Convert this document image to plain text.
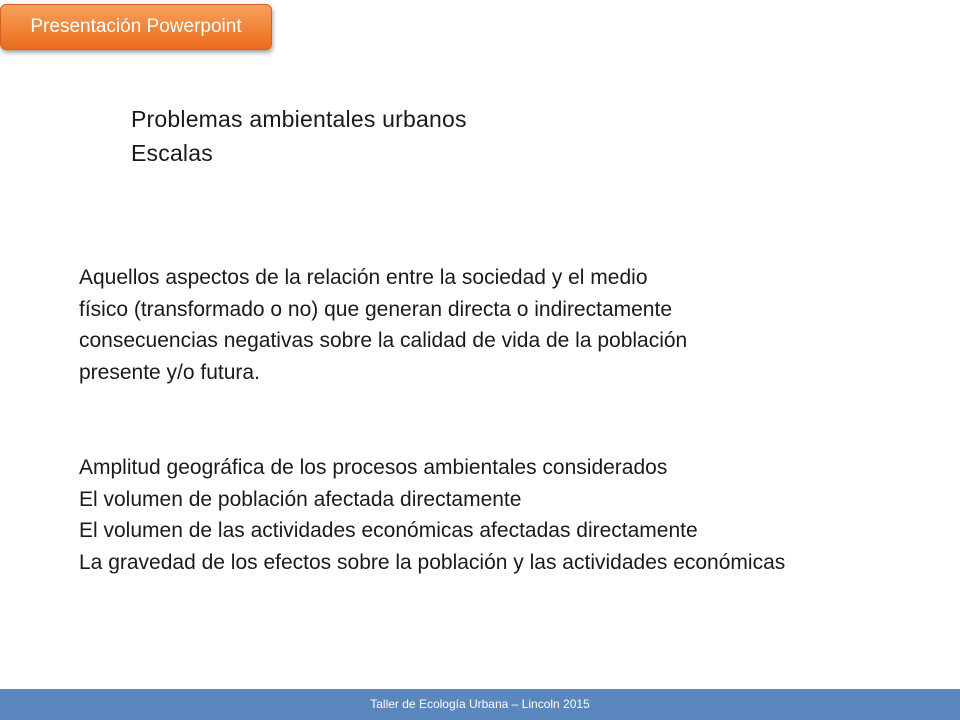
Presentación Powerpoint
Problemas ambientales urbanos
Escalas
Aquellos aspectos de la relación entre la sociedad y el medio
físico (transformado o no) que generan directa o indirectamente
consecuencias negativas sobre la calidad de vida de la población
presente y/o futura.
Amplitud geográfica de los procesos ambientales considerados
El volumen de población afectada directamente
El volumen de las actividades económicas afectadas directamente
La gravedad de los efectos sobre la población y las actividades económicas
Taller de Ecología Urbana – Lincoln 2015
